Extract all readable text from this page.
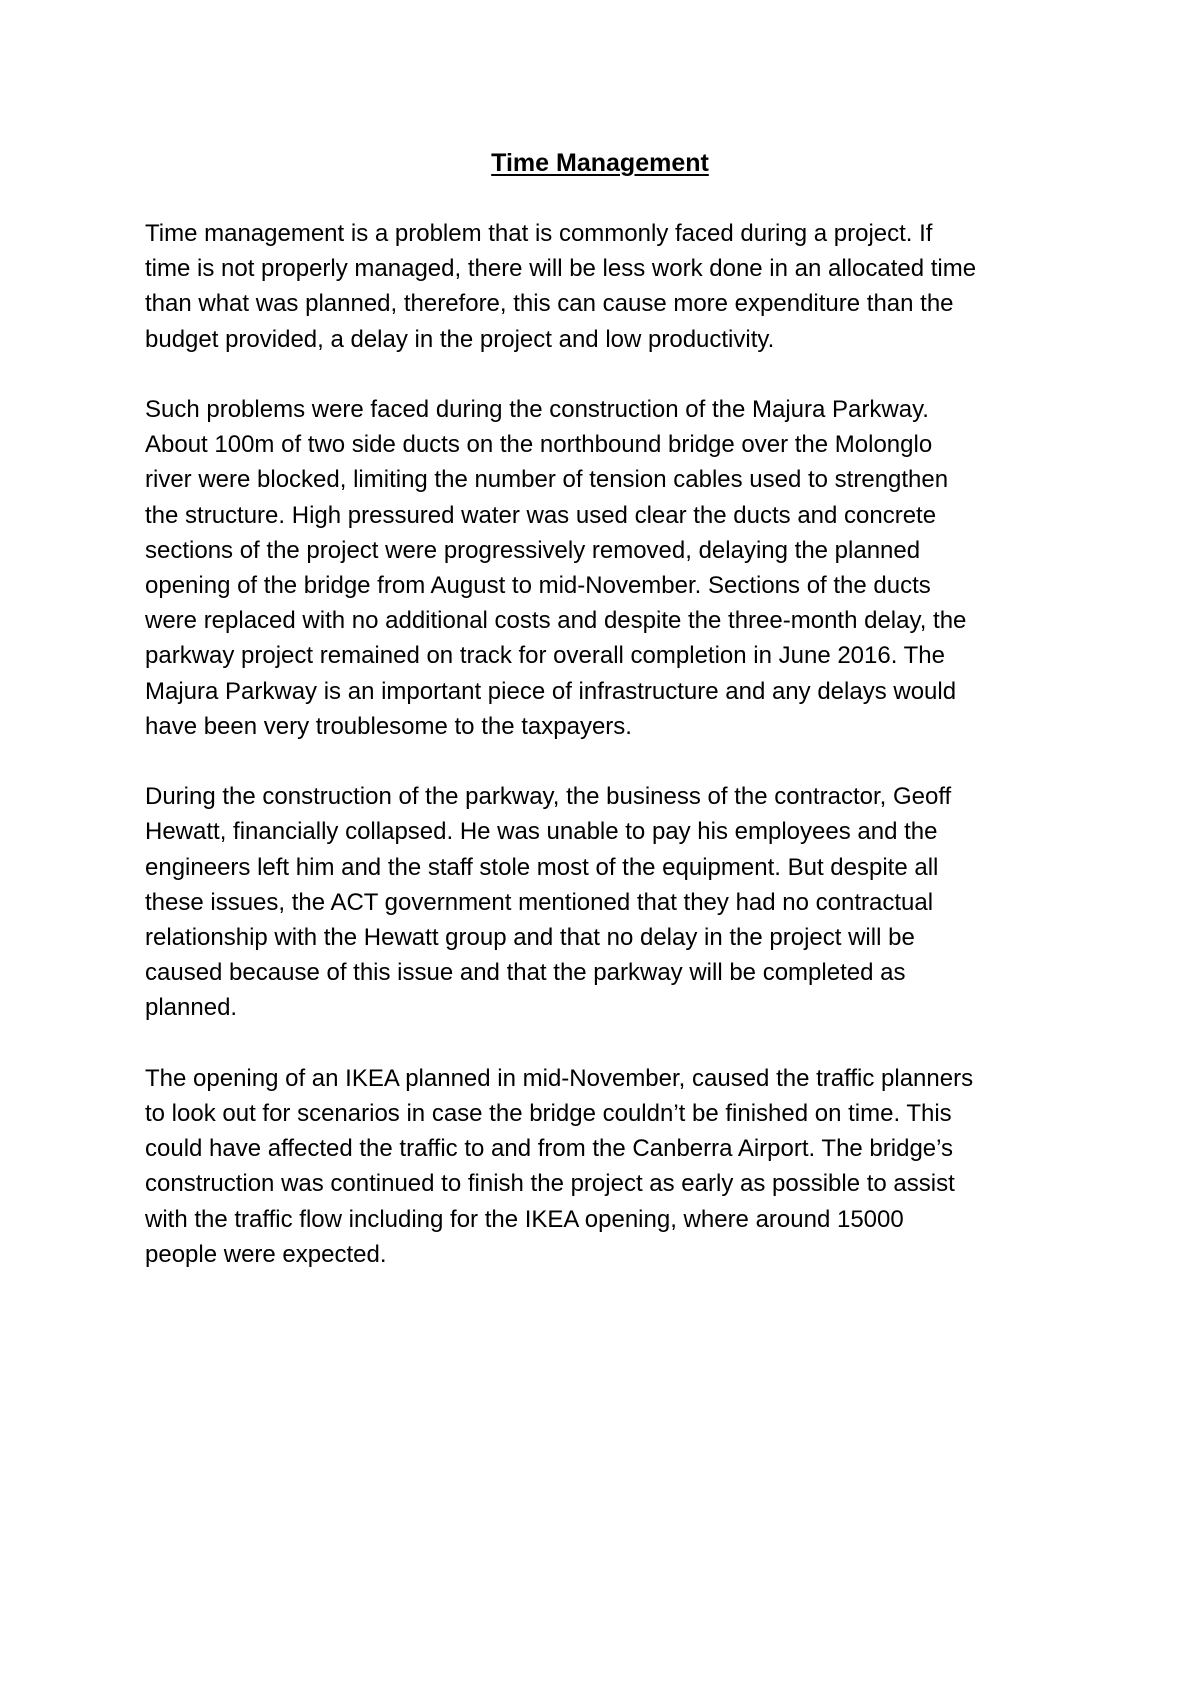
Time Management

Time management is a problem that is commonly faced during a project. If
time is not properly managed, there will be less work done in an allocated time
than what was planned, therefore, this can cause more expenditure than the
budget provided, a delay in the project and low productivity.

Such problems were faced during the construction of the Majura Parkway.
About 100m of two side ducts on the northbound bridge over the Molonglo
river were blocked, limiting the number of tension cables used to strengthen
the structure. High pressured water was used clear the ducts and concrete
sections of the project were progressively removed, delaying the planned
opening of the bridge from August to mid-November. Sections of the ducts
were replaced with no additional costs and despite the three-month delay, the
parkway project remained on track for overall completion in June 2016. The
Majura Parkway is an important piece of infrastructure and any delays would
have been very troublesome to the taxpayers.

During the construction of the parkway, the business of the contractor, Geoff
Hewatt, financially collapsed. He was unable to pay his employees and the
engineers left him and the staff stole most of the equipment. But despite all
these issues, the ACT government mentioned that they had no contractual
relationship with the Hewatt group and that no delay in the project will be
caused because of this issue and that the parkway will be completed as
planned.

The opening of an IKEA planned in mid-November, caused the traffic planners
to look out for scenarios in case the bridge couldn’t be finished on time. This
could have affected the traffic to and from the Canberra Airport. The bridge’s
construction was continued to finish the project as early as possible to assist
with the traffic flow including for the IKEA opening, where around 15000
people were expected.
